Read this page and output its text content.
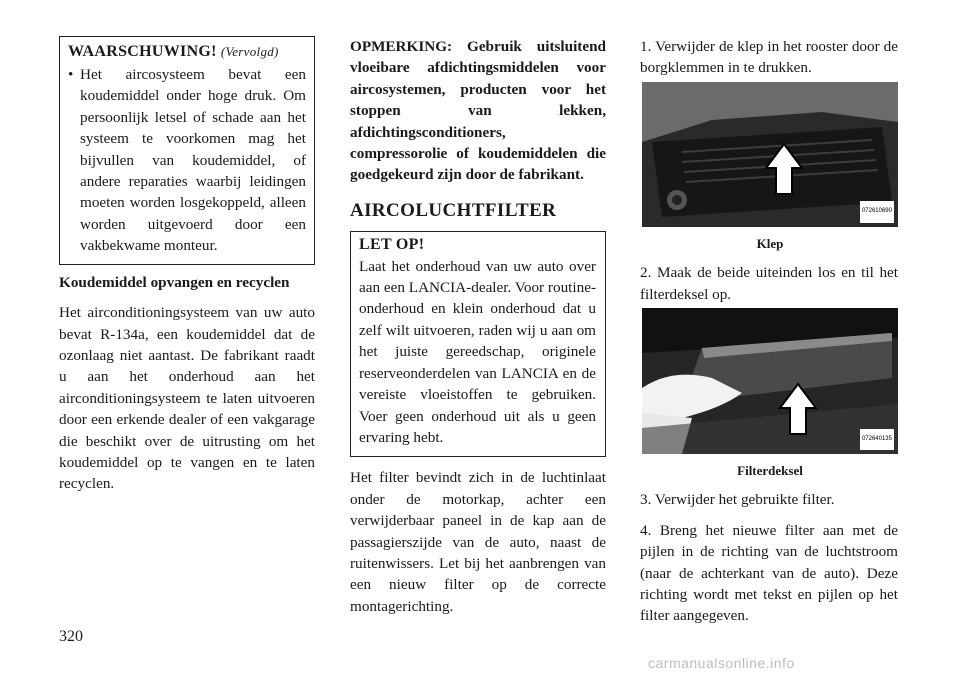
WAARSCHUWING! (Vervolgd)
• Het aircosysteem bevat een koudemiddel onder hoge druk. Om persoonlijk letsel of schade aan het systeem te voorkomen mag het bijvullen van koudemiddel, of andere reparaties waarbij leidingen moeten worden losgekoppeld, alleen worden uitgevoerd door een vakbekwame monteur.
Koudemiddel opvangen en recyclen

Het airconditioningsysteem van uw auto bevat R-134a, een koudemiddel dat de ozonlaag niet aantast. De fabrikant raadt u aan het onderhoud aan het airconditioningsysteem te laten uitvoeren door een erkende dealer of een vakgarage die beschikt over de uitrusting om het koudemiddel op te vangen en te laten recyclen.

OPMERKING: Gebruik uitsluitend vloeibare afdichtingsmiddelen voor aircosystemen, producten voor het stoppen van lekken, afdichtingsconditioners, compressorolie of koudemiddelen die goedgekeurd zijn door de fabrikant.
AIRCOLUCHTFILTER
LET OP!

Laat het onderhoud van uw auto over aan een LANCIA-dealer. Voor routine-onderhoud en klein onderhoud dat u zelf wilt uitvoeren, raden wij u aan om het juiste gereedschap, originele reserveonderdelen van LANCIA en de vereiste vloeistoffen te gebruiken. Voer geen onderhoud uit als u geen ervaring hebt.

Het filter bevindt zich in de luchtinlaat onder de motorkap, achter een verwijderbaar paneel in de kap aan de passagierszijde van de auto, naast de ruitenwissers. Let bij het aanbrengen van een nieuw filter op de correcte montagerichting.

1. Verwijder de klep in het rooster door de borgklemmen in te drukken.

072610690
Klep

2. Maak de beide uiteinden los en til het filterdeksel op.

072640135
Filterdeksel

3. Verwijder het gebruikte filter.

4. Breng het nieuwe filter aan met de pijlen in de richting van de luchtstroom (naar de achterkant van de auto). Deze richting wordt met tekst en pijlen op het filter aangegeven.

320
carmanualsonline.info
